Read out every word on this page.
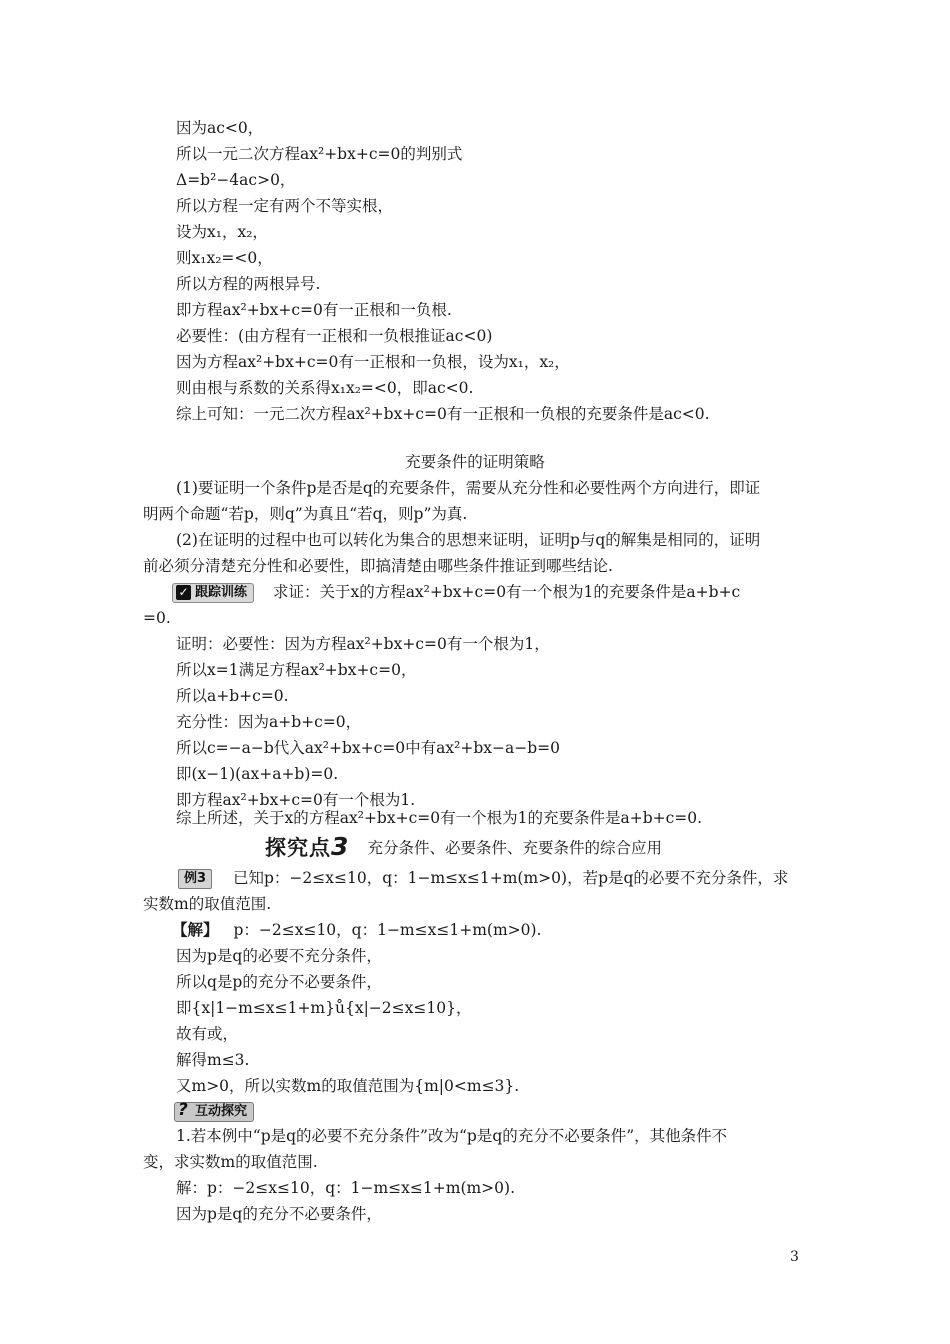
因为ac<0，
所以一元二次方程ax²+bx+c=0的判别式
Δ=b²−4ac>0，
所以方程一定有两个不等实根，
设为x₁，x₂，
则x₁x₂=<0，
所以方程的两根异号.
即方程ax²+bx+c=0有一正根和一负根.
必要性：(由方程有一正根和一负根推证ac<0)
因为方程ax²+bx+c=0有一正根和一负根，设为x₁，x₂，
则由根与系数的关系得x₁x₂=<0，即ac<0.
综上可知：一元二次方程ax²+bx+c=0有一正根和一负根的充要条件是ac<0.
充要条件的证明策略
(1)要证明一个条件p是否是q的充要条件，需要从充分性和必要性两个方向进行，即证
明两个命题“若p，则q”为真且“若q，则p”为真.
(2)在证明的过程中也可以转化为集合的思想来证明，证明p与q的解集是相同的，证明
前必须分清楚充分性和必要性，即搞清楚由哪些条件推证到哪些结论.
✓ 跟踪训练 求证：关于x的方程ax²+bx+c=0有一个根为1的充要条件是a+b+c
=0.
证明：必要性：因为方程ax²+bx+c=0有一个根为1，
所以x=1满足方程ax²+bx+c=0，
所以a+b+c=0.
充分性：因为a+b+c=0，
所以c=−a−b代入ax²+bx+c=0中有ax²+bx−a−b=0
即(x−1)(ax+a+b)=0.
即方程ax²+bx+c=0有一个根为1.
综上所述，关于x的方程ax²+bx+c=0有一个根为1的充要条件是a+b+c=0.
探究点3 充分条件、必要条件、充要条件的综合应用
例3 已知p：−2≤x≤10，q：1−m≤x≤1+m(m>0)，若p是q的必要不充分条件，求
实数m的取值范围.
【解】 p：−2≤x≤10，q：1−m≤x≤1+m(m>0).
因为p是q的必要不充分条件，
所以q是p的充分不必要条件，
即{x|1−m≤x≤1+m}ů{x|−2≤x≤10}，
故有或，
解得m≤3.
又m>0，所以实数m的取值范围为{m|0<m≤3}.
? 互动探究
1.若本例中“p是q的必要不充分条件”改为“p是q的充分不必要条件”，其他条件不
变，求实数m的取值范围.
解：p：−2≤x≤10，q：1−m≤x≤1+m(m>0).
因为p是q的充分不必要条件，
3
